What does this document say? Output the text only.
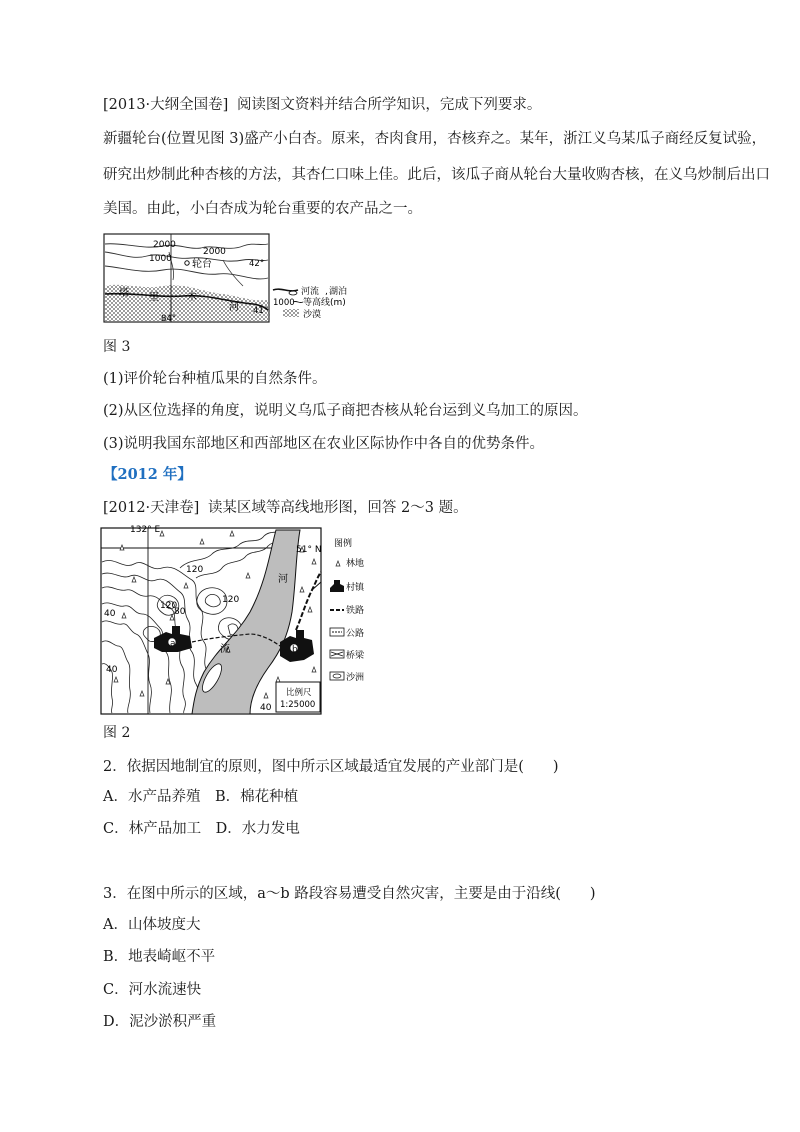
[2013·大纲全国卷] 阅读图文资料并结合所学知识，完成下列要求。
新疆轮台(位置见图 3)盛产小白杏。原来，杏肉食用，杏核弃之。某年，浙江义乌某瓜子商经反复试验，
研究出炒制此种杏核的方法，其杏仁口味上佳。此后，该瓜子商从轮台大量收购杏核，在义乌炒制后出口
美国。由此，小白杏成为轮台重要的农产品之一。
2000
2000
1000 轮台	42°
41°
84°
塔 里	木
河
河流 , 湖泊
1000 等高线(m)
沙漠
图 3
(1)评价轮台种植瓜果的自然条件。
(2)从区位选择的角度，说明义乌瓜子商把杏核从轮台运到义乌加工的原因。
(3)说明我国东部地区和西部地区在农业区际协作中各自的优势条件。
【2012 年】
[2012·天津卷] 读某区域等高线地形图，回答 2～3 题。
132° E
51° N
120
120
80
120
40
40
40
河
流
a
b
比例尺
1:25000
图例
林地
村镇
铁路
公路
桥梁
沙洲
图 2
2．依据因地制宜的原则，图中所示区域最适宜发展的产业部门是(　　)
A．水产品养殖　B．棉花种植
C．林产品加工　D．水力发电
3．在图中所示的区域，a～b 路段容易遭受自然灾害，主要是由于沿线(　　)
A．山体坡度大
B．地表崎岖不平
C．河水流速快
D．泥沙淤积严重
